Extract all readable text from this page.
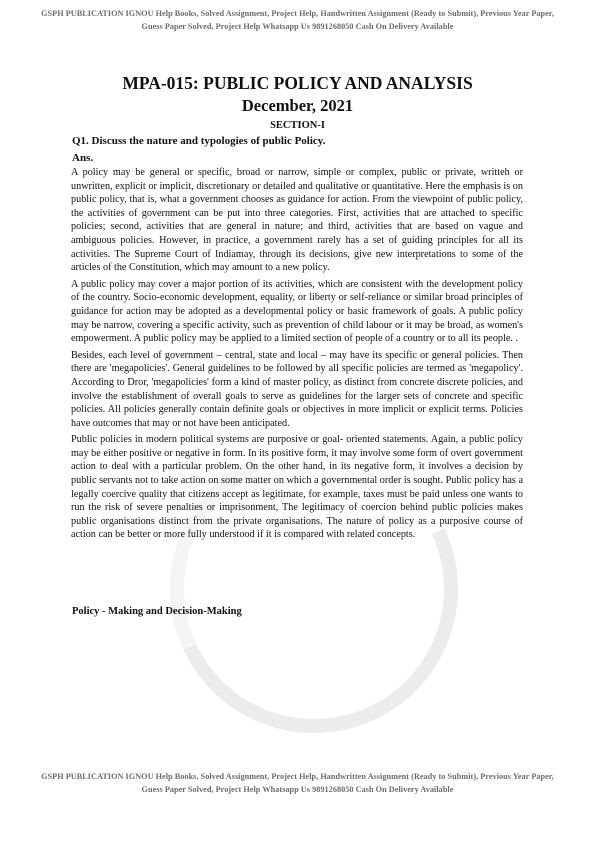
GSPH PUBLICATION IGNOU Help Books, Solved Assignment, Project Help, Handwritten Assignment (Ready to Submit), Previous Year Paper, Guess Paper Solved, Project Help Whatsapp Us 9891268050 Cash On Delivery Available
MPA-015: PUBLIC POLICY AND ANALYSIS
December, 2021
SECTION-I
Q1. Discuss the nature and typologies of public Policy.
Ans.

A policy may be general or specific, broad or narrow, simple or complex, public or private, writteh or unwritten, explicit or implicit, discretionary or detailed and qualitative or quantitative. Here the emphasis is on public policy, that is, what a government chooses as guidance for action. From the viewpoint of public policy, the activities of government can be put into three categories. First, activities that are attached to specific policies; second, activities that are general in nature; and third, activities that are based on vague and ambiguous policies. However, in practice, a government rarely has a set of guiding principles for all its activities. The Supreme Court of Indiamay, through its decisions, give new interpretations to some of the articles of the Constitution, which may amount to a new policy.

A public policy may cover a major portion of its activities, which are consistent with the development policy of the country. Socio-economic development, equality, or liberty or self-reliance or similar broad principles of guidance for action may be adopted as a developmental policy or basic framework of goals. A public policy may be narrow, covering a specific activity, such as prevention of child labour or it may be broad, as women's empowerment. A public policy may be applied to a limited section of people of a country or to all its people. .

Besides, each level of government – central, state and local – may have its specific or general policies. Then there are 'megapolicies'. General guidelines to be followed by all specific policies are termed as 'megapolicy'. According to Dror, 'megapolicies' form a kind of master policy, as distinct from concrete discrete policies, and involve the establishment of overall goals to serve as guidelines for the larger sets of concrete and specific policies. All policies generally contain definite goals or objectives in more implicit or explicit terms. Policies have outcomes that may or not have been anticipated.

Public policies in modern political systems are purposive or goal- oriented statements. Again, a public policy may be either positive or negative in form. In its positive form, it may involve some form of overt government action to deal with a particular problem. On the other hand, in its negative form, it involves a decision by public servants not to take action on some matter on which a governmental order is sought. Public policy has a legally coercive quality that citizens accept as legitimate, for example, taxes must be paid unless one wants to run the risk of severe penalties or imprisonment, The legitimacy of coercion behind public policies makes public organisations distinct from the private organisations. The nature of policy as a purposive course of action can be better or more fully understood if it is compared with related concepts.

Policy - Making and Decision-Making
GSPH PUBLICATION IGNOU Help Books, Solved Assignment, Project Help, Handwritten Assignment (Ready to Submit), Previous Year Paper, Guess Paper Solved, Project Help Whatsapp Us 9891268050 Cash On Delivery Available
